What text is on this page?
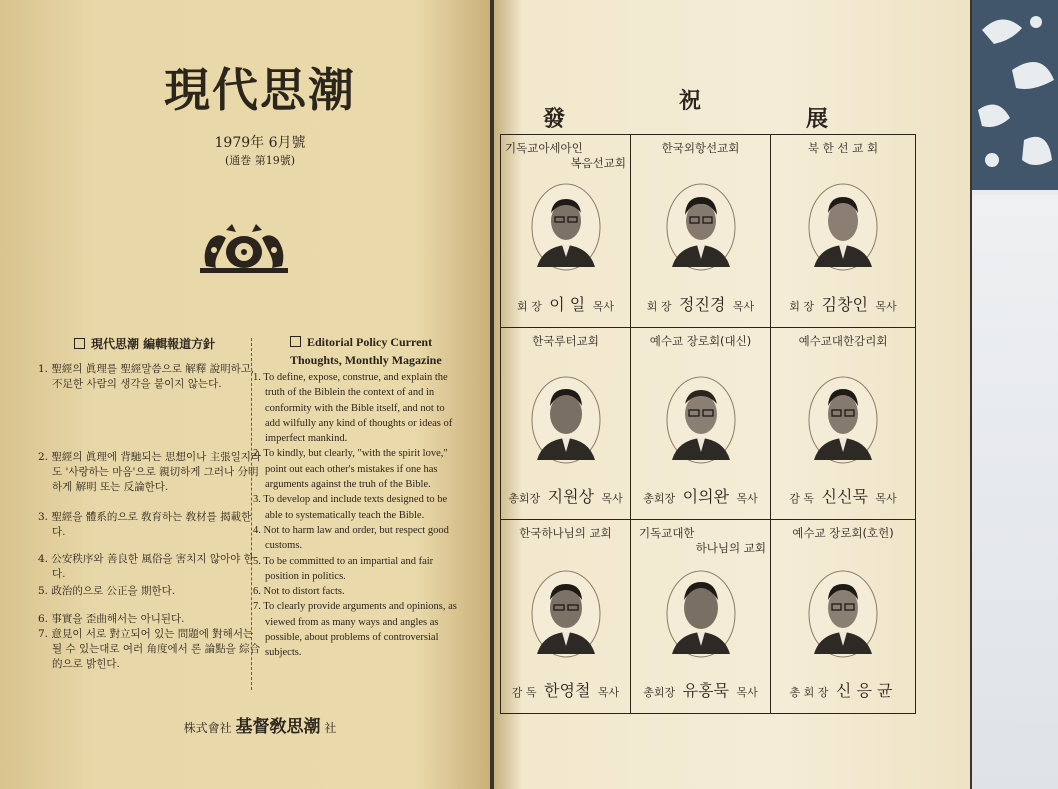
現代思潮
1979年 6月號
(通巻 第19號)
現代思潮 編輯報道方針	Editorial Policy Current
Thoughts, Monthly Magazine
1. 聖經의 眞理를 聖經말씀으로 解釋 說明하고, 不足한 사람의 생각을 붙이지 않는다.
2. 聖經의 眞理에 背馳되는 思想이나 主張일지라도 '사랑하는 마음'으로 親切하게 그러나 分明하게 解明 또는 反論한다.
3. 聖經을 體系的으로 敎育하는 敎材를 揭載한다.
4. 公安秩序와 善良한 風俗을 害치지 않아야 한다.
5. 政治的으로 公正을 期한다.
6. 事實을 歪曲해서는 아니된다.
7. 意見이 서로 對立되어 있는 問題에 對해서는 될 수 있는대로 여러 角度에서 론 論點을 綜合的으로 밝힌다.
1. To define, expose, construe, and explain the truth of the Biblein the context of and in conformity with the Bible itself, and not to add wilfully any kind of thoughts or ideas of imperfect mankind.
2. To kindly, but clearly, "with the spirit love," point out each other's mistakes if one has arguments against the truh of the Bible.
3. To develop and include texts designed to be able to systematically teach the Bible.
4. Not to harm law and order, but respect good customs.
5. To be committed to an impartial and fair position in politics.
6. Not to distort facts.
7. To clearly provide arguments and opinions, as viewed from as many ways and angles as possible, about problems of controversial subjects.
株式會社 基督敎思潮 社
發
祝
展
기독교아세아인
복음선교회
회 장 이 일 목사
한국외항선교회
회 장 정진경 목사
북 한 선 교 회
회 장 김창인 목사
한국루터교회
총회장 지원상 목사
예수교 장로회(대신)
총회장 이의완 목사
예수교대한감리회
감 독 신신묵 목사
한국하나님의 교회
감 독 한영철 목사
기독교대한
하나님의 교회
총회장 유홍묵 목사
예수교 장로회(호헌)
총 회 장 신 응 균
